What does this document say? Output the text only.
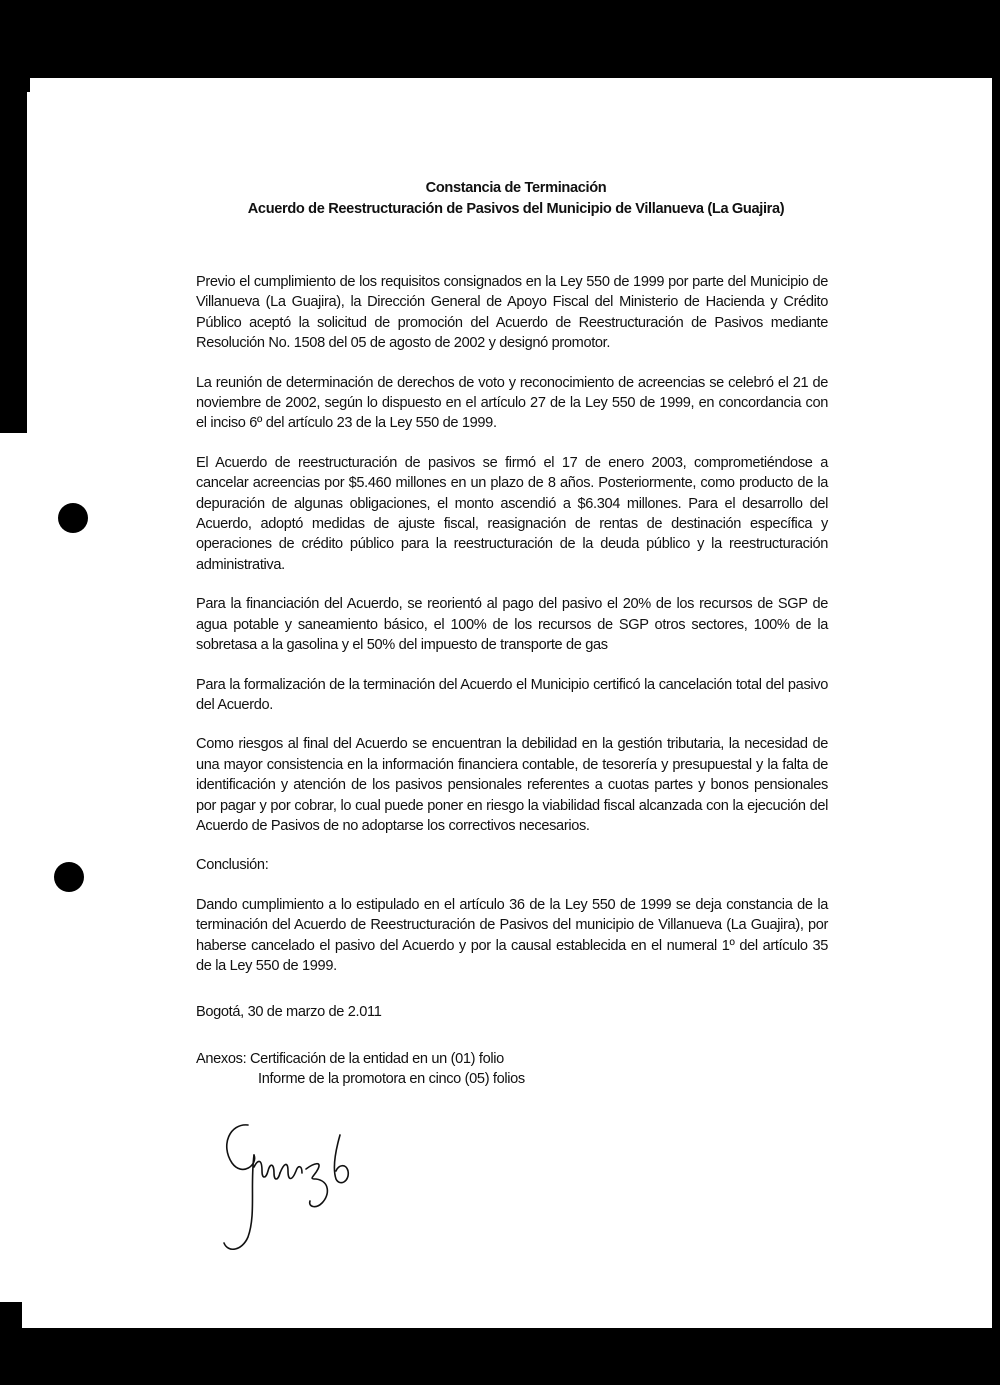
Constancia de Terminación
Acuerdo de Reestructuración de Pasivos del Municipio de Villanueva (La Guajira)

Previo el cumplimiento de los requisitos consignados en la Ley 550 de 1999 por parte del Municipio de Villanueva (La Guajira), la Dirección General de Apoyo Fiscal del Ministerio de Hacienda y Crédito Público aceptó la solicitud de promoción del Acuerdo de Reestructuración de Pasivos mediante Resolución No. 1508 del 05 de agosto de 2002 y designó promotor.

La reunión de determinación de derechos de voto y reconocimiento de acreencias se celebró el 21 de noviembre de 2002, según lo dispuesto en el artículo 27 de la Ley 550 de 1999, en concordancia con el inciso 6º del artículo 23 de la Ley 550 de 1999.

El Acuerdo de reestructuración de pasivos se firmó el 17 de enero 2003, comprometiéndose a cancelar acreencias por $5.460 millones en un plazo de 8 años. Posteriormente, como producto de la depuración de algunas obligaciones, el monto ascendió a $6.304 millones. Para el desarrollo del Acuerdo, adoptó medidas de ajuste fiscal, reasignación de rentas de destinación específica y operaciones de crédito público para la reestructuración de la deuda público y la reestructuración administrativa.

Para la financiación del Acuerdo, se reorientó al pago del pasivo el 20% de los recursos de SGP de agua potable y saneamiento básico, el 100% de los recursos de SGP otros sectores, 100% de la sobretasa a la gasolina y el 50% del impuesto de transporte de gas

Para la formalización de la terminación del Acuerdo el Municipio certificó la cancelación total del pasivo del Acuerdo.

Como riesgos al final del Acuerdo se encuentran la debilidad en la gestión tributaria, la necesidad de una mayor consistencia en la información financiera contable, de tesorería y presupuestal y la falta de identificación y atención de los pasivos pensionales referentes a cuotas partes y bonos pensionales por pagar y por cobrar, lo cual puede poner en riesgo la viabilidad fiscal alcanzada con la ejecución del Acuerdo de Pasivos de no adoptarse los correctivos necesarios.

Conclusión:

Dando cumplimiento a lo estipulado en el artículo 36 de la Ley 550 de 1999 se deja constancia de la terminación del Acuerdo de Reestructuración de Pasivos del municipio de Villanueva (La Guajira), por haberse cancelado el pasivo del Acuerdo y por la causal establecida en el numeral 1º del artículo 35 de la Ley 550 de 1999.

Bogotá, 30 de marzo de 2.011

Anexos: Certificación de la entidad en un (01) folio
Informe de la promotora en cinco (05) folios
